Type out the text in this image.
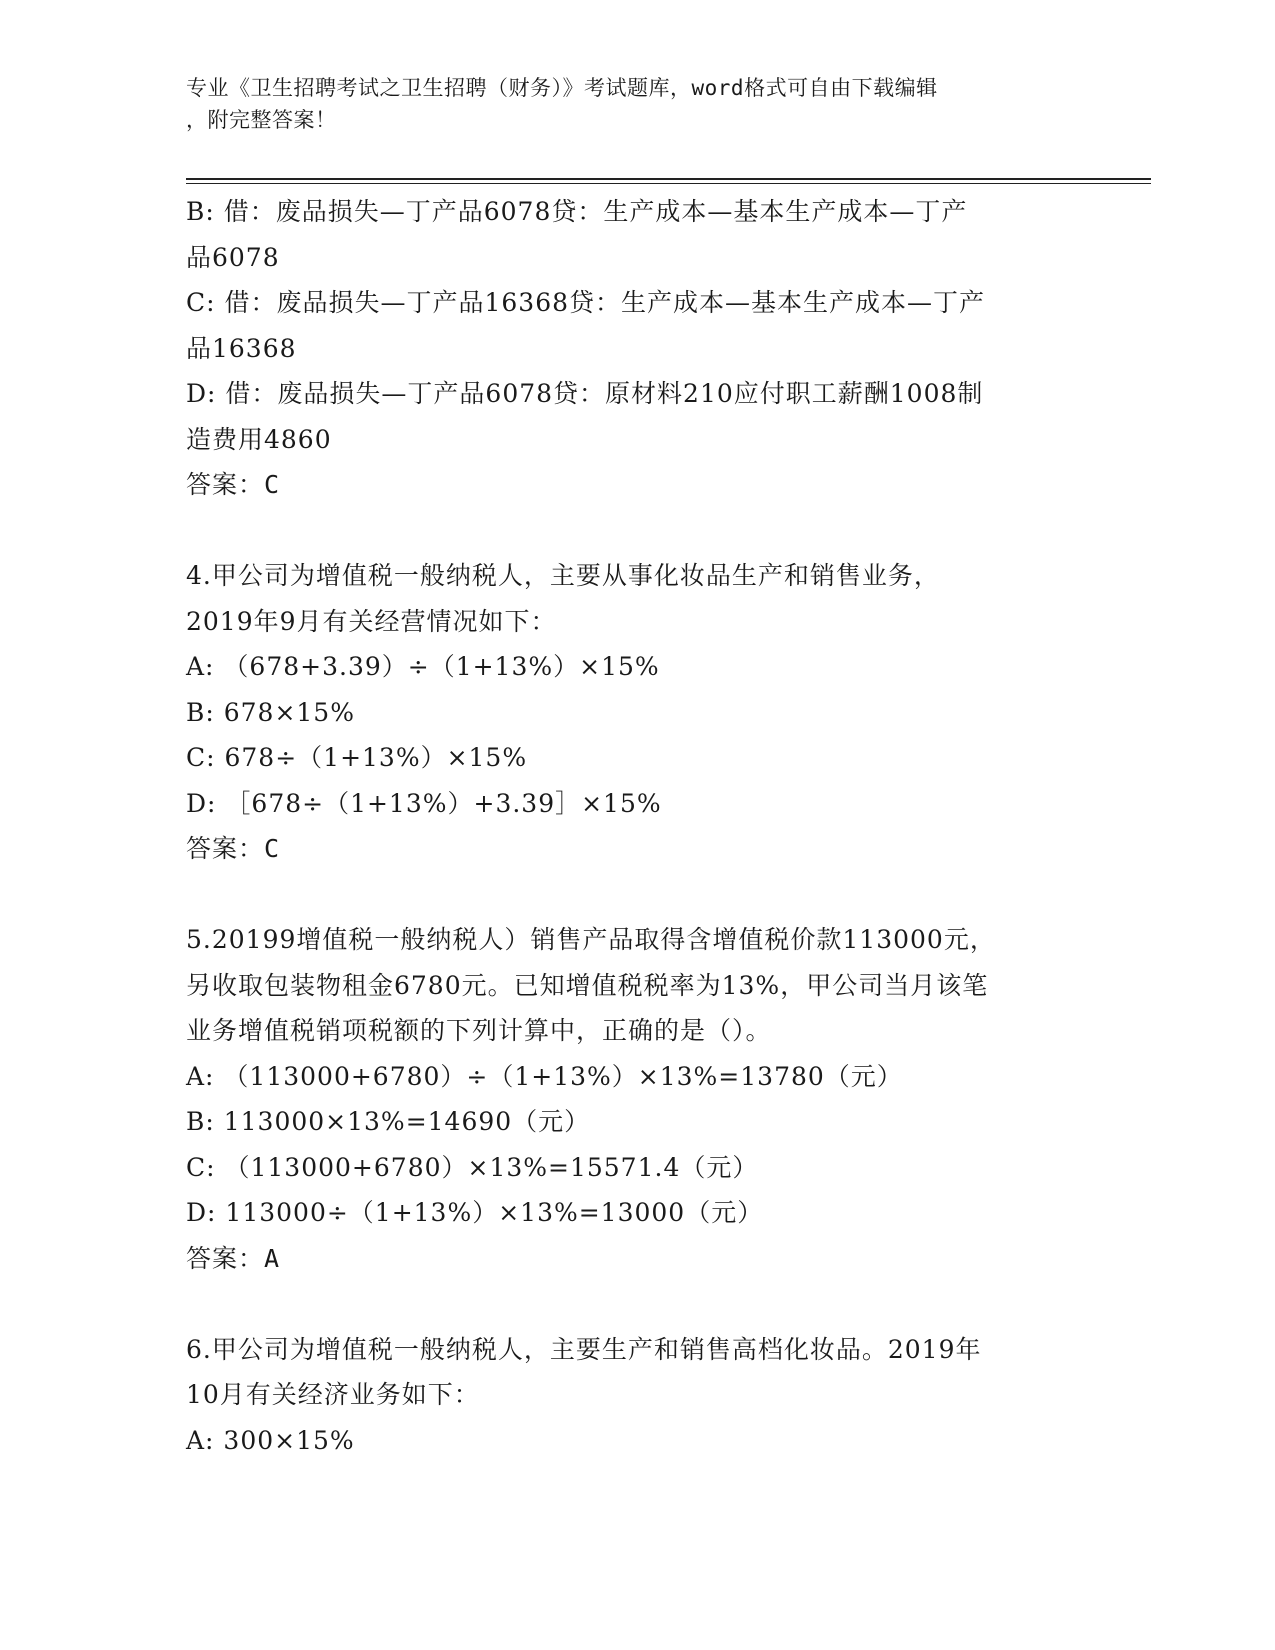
专业《卫生招聘考试之卫生招聘（财务）》考试题库，word格式可自由下载编辑
，附完整答案！
B: 借：废品损失—丁产品6078贷：生产成本—基本生产成本—丁产
品6078
C: 借：废品损失—丁产品16368贷：生产成本—基本生产成本—丁产
品16368
D: 借：废品损失—丁产品6078贷：原材料210应付职工薪酬1008制
造费用4860
答案：C
4.甲公司为增值税一般纳税人，主要从事化妆品生产和销售业务，
2019年9月有关经营情况如下：
A: （678+3.39）÷（1+13%）×15%
B: 678×15%
C: 678÷（1+13%）×15%
D: ［678÷（1+13%）+3.39］×15%
答案：C
5.20199增值税一般纳税人）销售产品取得含增值税价款113000元，
另收取包装物租金6780元。已知增值税税率为13%，甲公司当月该笔
业务增值税销项税额的下列计算中，正确的是（）。
A: （113000+6780）÷（1+13%）×13%=13780（元）
B: 113000×13%=14690（元）
C: （113000+6780）×13%=15571.4（元）
D: 113000÷（1+13%）×13%=13000（元）
答案：A
6.甲公司为增值税一般纳税人，主要生产和销售高档化妆品。2019年
10月有关经济业务如下：
A: 300×15%
